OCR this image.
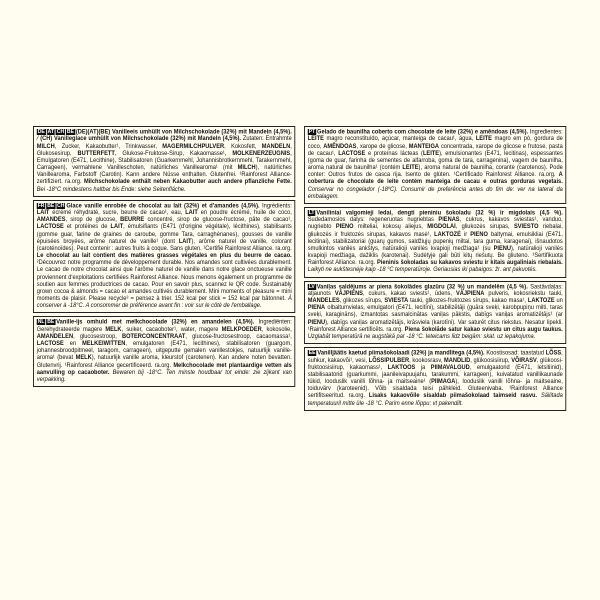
DE AT CH BE (DE)(AT)(BE) Vanilleeis umhüllt von Milchschokolade (32%) mit Mandeln (4,5%). / (CH) Vanilleglace umhüllt von Milchschokolade (32%) mit Mandeln (4,5%). Zutaten: Entrahmte MILCH, Zucker, Kakaobutter¹, Trinkwasser, MAGERMILCHPULVER, Kokosfett, MANDELN, Glukosesirup, BUTTERFETT, Glukose-Fruktose-Sirup, Kakaomasse¹, MOLKENERZEUGNIS, Emulgatoren (E471, Lecithine), Stabilisatoren (Guarkernmehl, Johannisbrotkernmehl, Tarakernmehl, Carrageen), vermahlene Vanilleschoten, natürliches Vanillearoma¹ (mit MILCH), natürliches Vanillearoma, Farbstoff (Carotin). Kann andere Nüsse enthalten. Glutenfrei. ¹Rainforest Alliance-zertifiziert. ra.org. Milchschokolade enthält neben Kakaobutter auch andere pflanzliche Fette. Bei -18°C mindestens haltbar bis Ende: siehe Seitenfläche.
FR BE CH Glace vanille enrobée de chocolat au lait (32%) et d'amandes (4,5%). Ingrédients: LAIT écrémé réhydraté, sucre, beurre de cacao¹, eau, LAIT en poudre écrémé, huile de coco, AMANDES, sirop de glucose, BEURRE concentré, sirop de glucose-fructose, pâte de cacao¹, LACTOSE et protéines de LAIT, émulsifiants (E471 (d'origine végétale), lécithines), stabilisants (gomme guar, farine de graines de caroube, gomme Tara, carraghénanes), gousses de vanille épuisées broyées, arôme naturel de vanille¹ (dont LAIT), arôme naturel de vanille, colorant (caroténoïdes). Peut contenir : autres fruits à coque. Sans gluten. ¹Certifié Rainforest Alliance. ra.org. Le chocolat au lait contient des matières grasses végétales en plus du beurre de cacao. ²Découvrez notre programme de développement durable. Nos amandes sont cultivées durablement. Le cacao de notre chocolat ainsi que l'arôme naturel de vanille dans notre glace onctueuse vanille proviennent d'exploitations certifiées Rainforest Alliance. Nous menons également un programme de soutien aux femmes productrices de cacao. Pour en savoir plus, scannez le QR code. Sustainably grown cocoa & almonds = cacao et amandes cultivés durablement. Mini moments of pleasure = mini moments de plaisir. Please recycle³ = pensez à trier. 152 kcal per stick = 152 kcal par bâtonnet. À conserver à -18°C. A consommer de préférence avant fin : voir sur le côté de l'emballage.
NL BE Vanille-ijs omhuld met melkchocolade (32%) en amandelen (4,5%). Ingrediënten: Gerehydrateerde magere MELK, suiker, cacaoboter¹, water, magere MELKPOEDER, kokosolie, AMANDELEN, glucosestroop, BOTERCONCENTRAAT, glucose-fructosestroop, cacaomassa¹, LACTOSE en MELKEIWITTEN, emulgatoren (E471, lecithines), stabilisatoren (guargom, johannesbroodpitmeel, taragom, carrageen), uitgeputte gemalen vanillestokjes, natuurlijk vanille-aroma¹ (bevat MELK), natuurlijk vanille aroma, kleurstof (carotenen). Kan andere noten bevatten. Glutenvrij. ¹Rainforest Alliance gecertificeerd. ra.org. Melkchocolade met plantaardige vetten als aanvulling op cacaoboter. Bewaren bij -18°C. Ten minste houdbaar tot einde: zie zijkant van verpakking.
PT Gelado de baunilha coberto com chocolate de leite (32%) e amêndoas (4,5%). Ingredientes: LEITE magro reconstituído, açúcar, manteiga de cacau¹, água, LEITE magro em pó, gordura de coco, AMÊNDOAS, xarope de glicose, MANTEIGA concentrada, xarope de glicose e frutose, pasta de cacau¹, LACTOSE e proteínas lácteas (LEITE), emulsionantes (E471, lecitinas), espessantes (goma de guar, farinha de sementes de alfarroba, goma de tara, carragenina), vagem de baunilha, aroma natural de baunilha¹ (contém LEITE), aroma natural de baunilha, corante (carotenos). Pode conter: Outros frutos de casca rija. Isento de glúten. ¹Certificado Rainforest Alliance. ra.org. A cobertura de chocolate de leite contém manteiga de cacau e outras gorduras vegetais. Conservar no congelador (-18ºC). Consumir de preferência antes do fim de: ver na lateral da embalagem.
LT Vaniliniai valgomieji ledai, dengti pieniniu šokoladu (32 %) ir migdolais (4,5 %). Sudedamosios dalys: regeneruotas nugriebtas PIENAS, cukrus, kakavos sviestas¹, vanduo, nugriebto PIENO milteliai, kokosų aliejus, MIGDOLAI, gliukozės sirupas, SVIESTO riebalai, gliukozės ir fruktozės sirupas, kakavos masė¹, LAKTOZĖ ir PIENO baltymai, emulsikliai (E471, lecitinai), stabilizatoriai (guarų gumos, saldžiųjų pupenių miltai, tara guma, karagenai), išnaudotos smulkintos vanilės ankštys, natūralioji vanilės kvapioji medžiaga¹ (su PIENU), natūralioji vanilės kvapioji medžiaga, dažiklis (karotenai). Sudėtyje gali būti kitų riešutų. Be gliuteno. ¹Sertifikuota Rainforest Alliance. ra.org. Pieninis šokoladas su kakavos sviestu ir kitais augaliniais riebalais. Laikyti ne aukštesnėje kaip -18 °C temperatūroje. Geriausias iki pabaigos: žr. ant pakuotės.
LV Vaniļas saldējums ar piena šokolādes glazūru (32 %) un mandelēm (4,5 %). Sastāvdaļas: atjaunots VĀJPIENS, cukurs, kakao sviests¹, ūdens, VĀJPIENA pulveris, kokosriekstu tauki, MANDELES, glikozes sīrups, SVIESTA tauki, glikozes-fruktozes sīrups, kakao masa¹, LAKTOZE un PIENA olbaltumvielas, emulgatori (E471, lecitīni), stabilizētāji (guāra sveķi, karobpupiņu milti, taras sveķi, karagināns), izmantotas sasmalcinātas vaniļas pākstis, dabīgs vaniļas aromatizētājs¹ (ar PIENU), dabīgs vaniļas aromatizētājs, krāsviela (karotīni). Var saturēt citus riekstus. Nesatur lipekli. ¹Rainforest Alliance sertificēts. ra.org. Piena šokolāde satur kakao sviestu un citus augu taukus. Uzglabāt temperatūrā ne augstākā par -18 °C. Ieteicams līdz beigām: skat. uz iepakojuma.
EE Vanilljäätis kaetud piimašokolaadi (32%) ja mandlitega (4,5%). Koostisosad: taastatud LÕSS, suhkur, kakaovõi¹, vesi, LÕSSIPULBER, kookosrasv, MANDLID, glükoosisiirup, VÕIRASV, glükoosi-fruktoosisiirup, kakaomass¹, LAKTOOS ja PIIMAVALGUD, emulgaatorid (E471, letsitiinid), stabilisaatorid (guarkummi, jaanileivapuujahu, tarakummi, karrageen), kuivatatud vanillikaunade tükid, looduslik vanilli lõhna- ja maitseaine¹ (PIIMAGA), looduslik vanilli lõhna- ja maitseaine, toiduvärv (karoteenid). Võib sisaldada teisi pähkleid. Gluteenivaba. ¹Rainforest Alliance sertifitseeritud. ra.org. Lisaks kakaovõile sisaldab piimašokolaad taimseid rasvu. Säilitada temperatuuril mitte üle -18 °C. Parim enne lõppu: vt pakendilt.
